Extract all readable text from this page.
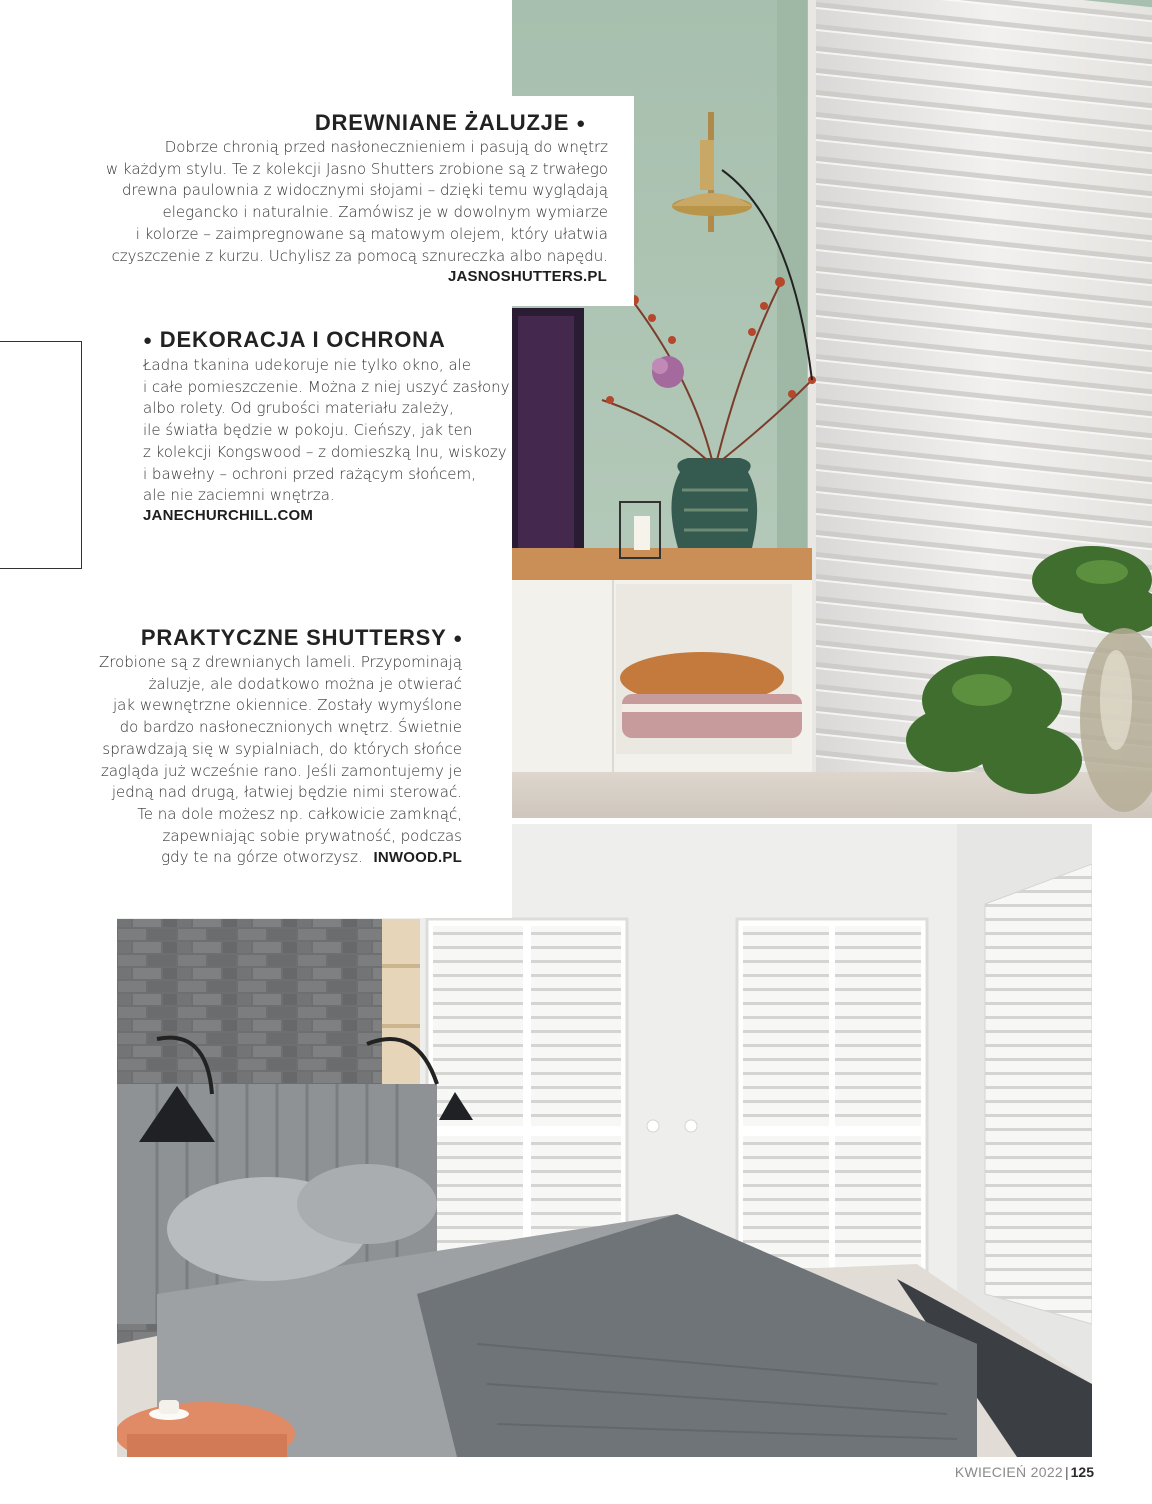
DREWNIANE ŻALUZJE ●
Dobrze chronią przed nasłonecznieniem i pasują do wnętrz
w każdym stylu. Te z kolekcji Jasno Shutters zrobione są z trwałego
drewna paulownia z widocznymi słojami – dzięki temu wyglądają
elegancko i naturalnie. Zamówisz je w dowolnym wymiarze
i kolorze – zaimpregnowane są matowym olejem, który ułatwia
czyszczenie z kurzu. Uchylisz za pomocą sznureczka albo napędu.
JASNOSHUTTERS.PL
● DEKORACJA I OCHRONA
Ładna tkanina udekoruje nie tylko okno, ale
i całe pomieszczenie. Można z niej uszyć zasłony
albo rolety. Od grubości materiału zależy,
ile światła będzie w pokoju. Cieńszy, jak ten
z kolekcji Kongswood – z domieszką lnu, wiskozy
i bawełny – ochroni przed rażącym słońcem,
ale nie zaciemni wnętrza.
JANECHURCHILL.COM
PRAKTYCZNE SHUTTERSY ●
Zrobione są z drewnianych lameli. Przypominają
żaluzje, ale dodatkowo można je otwierać
jak wewnętrzne okiennice. Zostały wymyślone
do bardzo nasłonecznionych wnętrz. Świetnie
sprawdzają się w sypialniach, do których słońce
zagląda już wcześnie rano. Jeśli zamontujemy je
jedną nad drugą, łatwiej będzie nimi sterować.
Te na dole możesz np. całkowicie zamknąć,
zapewniając sobie prywatność, podczas
gdy te na górze otworzysz. INWOOD.PL
KWIECIEŃ 2022 | 125
